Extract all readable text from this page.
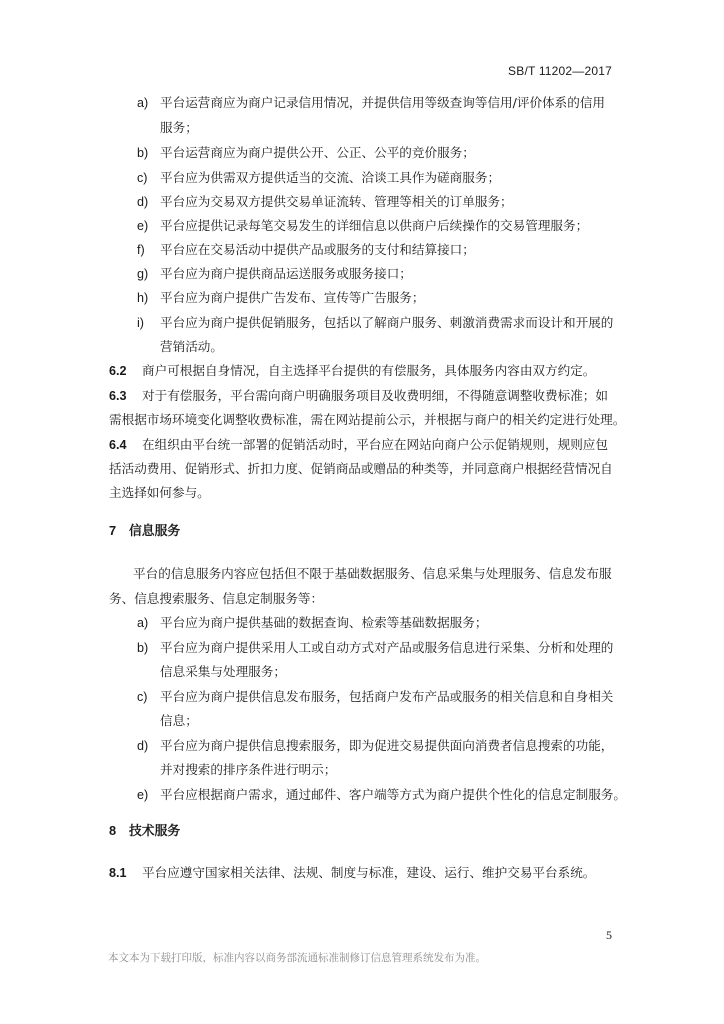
SB/T 11202—2017
a) 平台运营商应为商户记录信用情况，并提供信用等级查询等信用/评价体系的信用
服务；
b) 平台运营商应为商户提供公开、公正、公平的竞价服务；
c) 平台应为供需双方提供适当的交流、洽谈工具作为磋商服务；
d) 平台应为交易双方提供交易单证流转、管理等相关的订单服务；
e) 平台应提供记录每笔交易发生的详细信息以供商户后续操作的交易管理服务；
f) 平台应在交易活动中提供产品或服务的支付和结算接口；
g) 平台应为商户提供商品运送服务或服务接口；
h) 平台应为商户提供广告发布、宣传等广告服务；
i) 平台应为商户提供促销服务，包括以了解商户服务、刺激消费需求而设计和开展的
营销活动。
6.2 商户可根据自身情况，自主选择平台提供的有偿服务，具体服务内容由双方约定。
6.3 对于有偿服务，平台需向商户明确服务项目及收费明细，不得随意调整收费标准；如
需根据市场环境变化调整收费标准，需在网站提前公示，并根据与商户的相关约定进行处理。
6.4 在组织由平台统一部署的促销活动时，平台应在网站向商户公示促销规则，规则应包
括活动费用、促销形式、折扣力度、促销商品或赠品的种类等，并同意商户根据经营情况自
主选择如何参与。
7 信息服务
平台的信息服务内容应包括但不限于基础数据服务、信息采集与处理服务、信息发布服
务、信息搜索服务、信息定制服务等：
a) 平台应为商户提供基础的数据查询、检索等基础数据服务；
b) 平台应为商户提供采用人工或自动方式对产品或服务信息进行采集、分析和处理的
信息采集与处理服务；
c) 平台应为商户提供信息发布服务，包括商户发布产品或服务的相关信息和自身相关
信息；
d) 平台应为商户提供信息搜索服务，即为促进交易提供面向消费者信息搜索的功能，
并对搜索的排序条件进行明示；
e) 平台应根据商户需求，通过邮件、客户端等方式为商户提供个性化的信息定制服务。
8 技术服务
8.1 平台应遵守国家相关法律、法规、制度与标准，建设、运行、维护交易平台系统。
5
本文本为下载打印版，标准内容以商务部流通标准制修订信息管理系统发布为准。
